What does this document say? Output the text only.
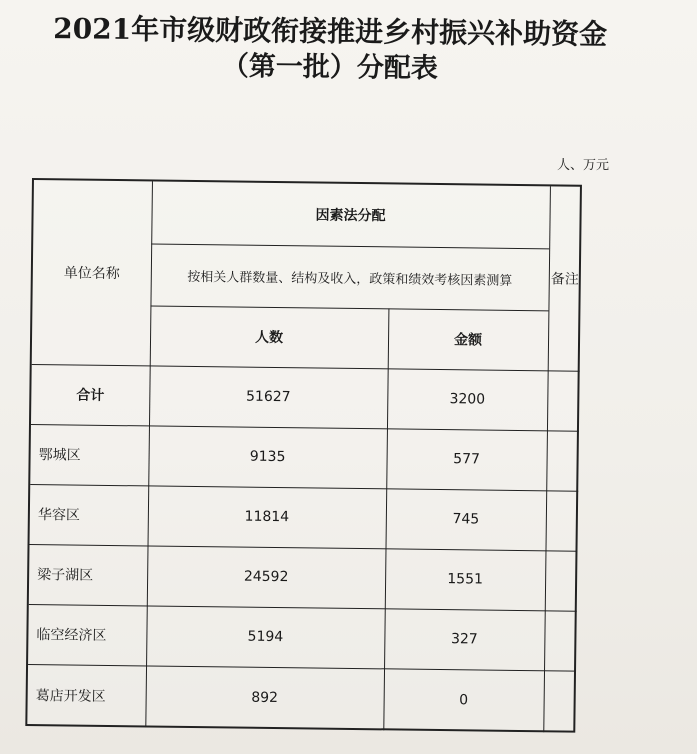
2021年市级财政衔接推进乡村振兴补助资金
（第一批）分配表
人、万元
单位名称
因素法分配
按相关人群数量、结构及收入，政策和绩效考核因素测算
人数	金额
备注
合计	51627	3200
鄂城区	9135	577
华容区	11814	745
梁子湖区	24592	1551
临空经济区	5194	327
葛店开发区	892	0
